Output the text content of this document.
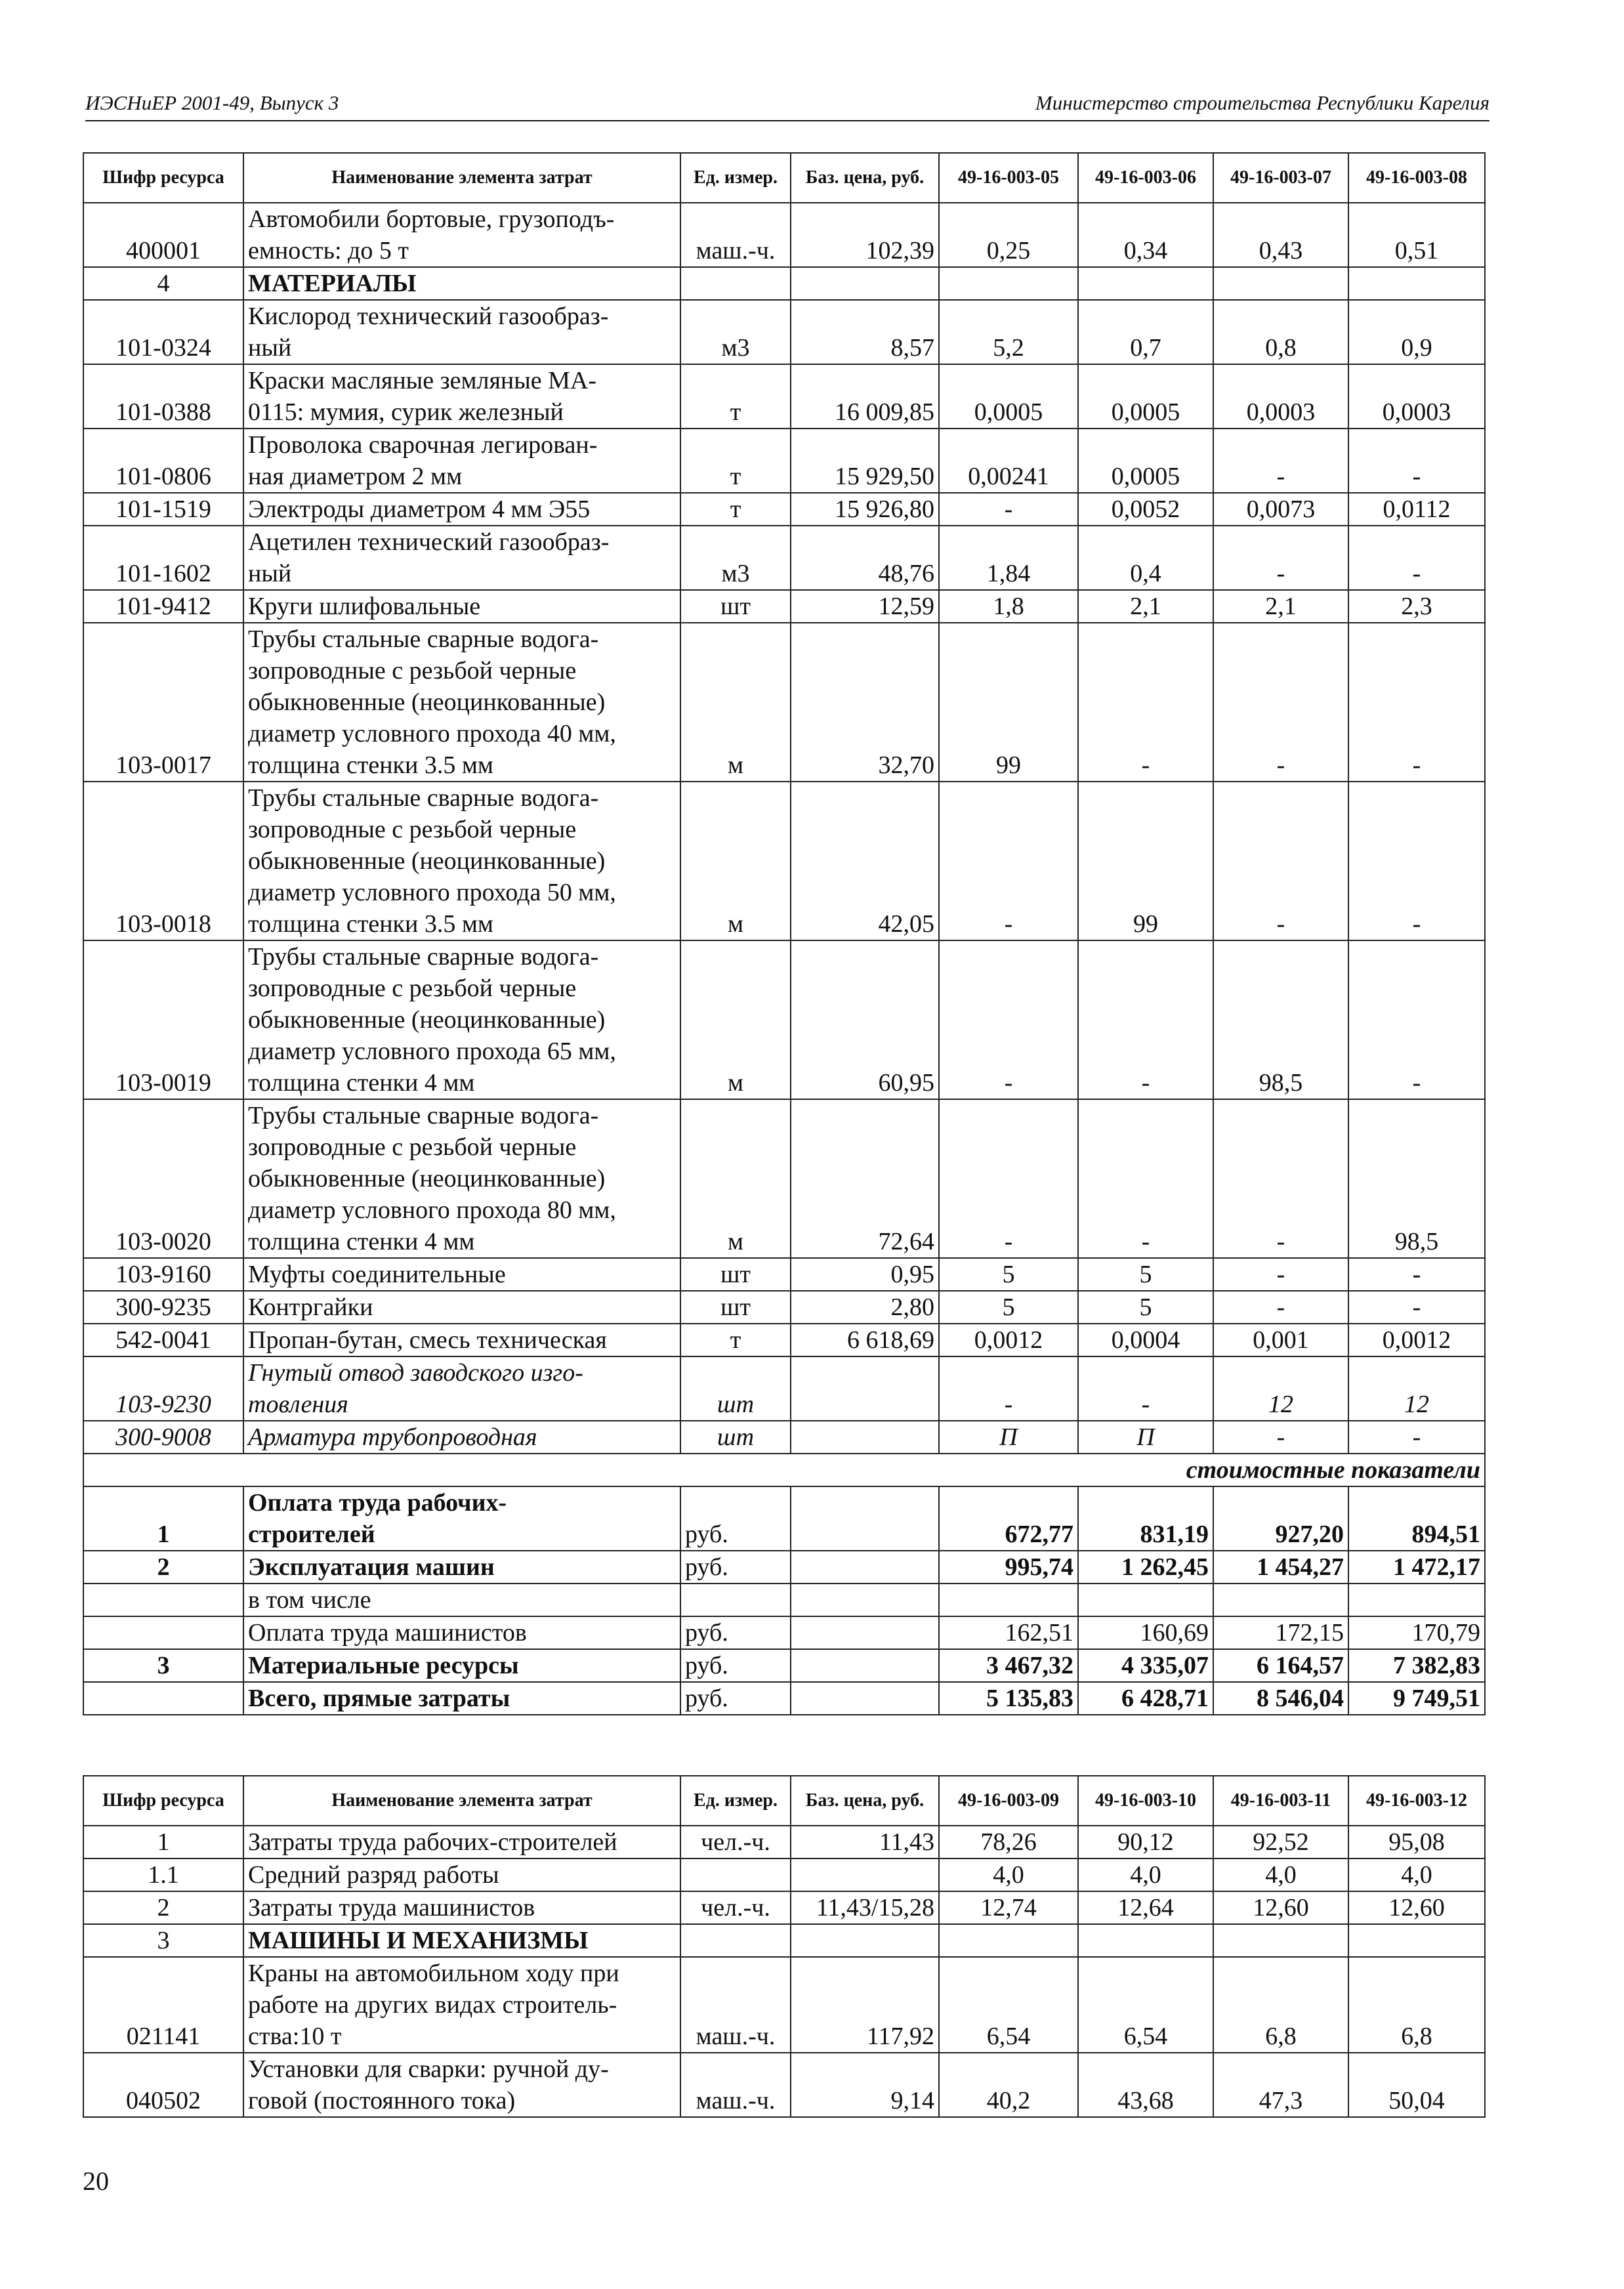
ИЭСНиЕР 2001-49, Выпуск 3	Министерство строительства Республики Карелия
Шифр ресурса	Наименование элемента затрат	Ед. измер.	Баз. цена, руб.	49-16-003-05	49-16-003-06	49-16-003-07	49-16-003-08
400001	Автомобили бортовые, грузоподъ-
емность: до 5 т	маш.-ч.	102,39	0,25	0,34	0,43	0,51
4	МАТЕРИАЛЫ						

101-0324	Кислород технический газообраз-
ный	м3	8,57	5,2	0,7	0,8	0,9
101-0388	Краски масляные земляные МА-
0115: мумия, сурик железный	т	16 009,85	0,0005	0,0005	0,0003	0,0003
101-0806	Проволока сварочная легирован-
ная диаметром 2 мм	т	15 929,50	0,00241	0,0005	-	-
101-1519	Электроды диаметром 4 мм Э55	т	15 926,80	-	0,0052	0,0073	0,0112
101-1602	Ацетилен технический газообраз-
ный	м3	48,76	1,84	0,4	-	-
101-9412	Круги шлифовальные	шт	12,59	1,8	2,1	2,1	2,3
103-0017	Трубы стальные сварные водога-
зопроводные с резьбой черные
обыкновенные (неоцинкованные)
диаметр условного прохода 40 мм,
толщина стенки 3.5 мм	м	32,70	99	-	-	-
103-0018	Трубы стальные сварные водога-
зопроводные с резьбой черные
обыкновенные (неоцинкованные)
диаметр условного прохода 50 мм,
толщина стенки 3.5 мм	м	42,05	-	99	-	-
103-0019	Трубы стальные сварные водога-
зопроводные с резьбой черные
обыкновенные (неоцинкованные)
диаметр условного прохода 65 мм,
толщина стенки 4 мм	м	60,95	-	-	98,5	-
103-0020	Трубы стальные сварные водога-
зопроводные с резьбой черные
обыкновенные (неоцинкованные)
диаметр условного прохода 80 мм,
толщина стенки 4 мм	м	72,64	-	-	-	98,5
103-9160	Муфты соединительные	шт	0,95	5	5	-	-
300-9235	Контргайки	шт	2,80	5	5	-	-
542-0041	Пропан-бутан, смесь техническая	т	6 618,69	0,0012	0,0004	0,001	0,0012
103-9230	Гнутый отвод заводского изго-
товления	шт		-	-	12	12
300-9008	Арматура трубопроводная	шт		П	П	-	-
стоимостные показатели							
1	Оплата труда рабочих-
строителей	руб.		672,77	831,19	927,20	894,51
2	Эксплуатация машин	руб.		995,74	1 262,45	1 454,27	1 472,17

	в том числе						

	Оплата труда машинистов	руб.		162,51	160,69	172,15	170,79
3	Материальные ресурсы	руб.		3 467,32	4 335,07	6 164,57	7 382,83

	Всего, прямые затраты	руб.		5 135,83	6 428,71	8 546,04	9 749,51
Шифр ресурса	Наименование элемента затрат	Ед. измер.	Баз. цена, руб.	49-16-003-09	49-16-003-10	49-16-003-11	49-16-003-12
1	Затраты труда рабочих-строителей	чел.-ч.	11,43	78,26	90,12	92,52	95,08
1.1	Средний разряд работы			4,0	4,0	4,0	4,0
2	Затраты труда машинистов	чел.-ч.	11,43/15,28	12,74	12,64	12,60	12,60
3	МАШИНЫ И МЕХАНИЗМЫ						

021141	Краны на автомобильном ходу при
работе на других видах строитель-
ства:10 т	маш.-ч.	117,92	6,54	6,54	6,8	6,8
040502	Установки для сварки: ручной ду-
говой (постоянного тока)	маш.-ч.	9,14	40,2	43,68	47,3	50,04
20
